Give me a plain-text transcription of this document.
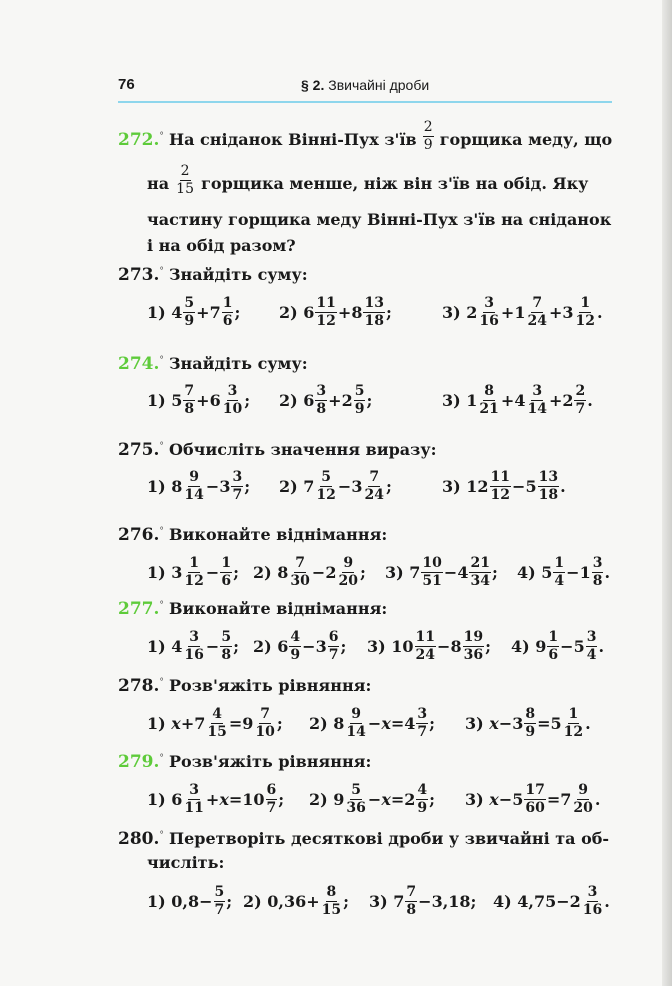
76	§ 2. Звичайні дроби
272.° На сніданок Вінні-Пух $з'їв \frac{2}{9}$ горщика меду, що
на $\frac{2}{15}$ горщика менше, ніж він з'їв на обід. Яку
частину горщика меду Вінні-Пух з'їв на сніданок
і на обід разом?
273.° Знайдіть суму:
1)
$4 \frac{5}{9} + 7 \frac{1}{6}$ ; 2)
$6 \frac{11}{12} + 8 \frac{13}{18}$ ;	3)
$2 \frac{3}{16} + 1 \frac{7}{24} + 3 \frac{1}{12}$ .
274.° Знайдіть суму:
1)
$5 \frac{7}{8} + 6 \frac{3}{10}$ ; 2)
$6 \frac{3}{8} + 2 \frac{5}{9}$ ;	3)
$1 \frac{8}{21} + 4 \frac{3}{14} + 2 \frac{2}{7}$ .
275.° Обчисліть значення виразу:
1)
$8 \frac{9}{14} - 3 \frac{3}{7}$ ; 2)
$7 \frac{5}{12} - 3 \frac{7}{24}$ ;	3)
$12 \frac{11}{12} - 5 \frac{13}{18}$ .
276.° Виконайте віднімання:
1)
$3 \frac{1}{12} - \frac{1}{6}$ ; 2)
$8 \frac{7}{30} - 2 \frac{9}{20}$ ; 3)
$7 \frac{10}{51} - 4 \frac{21}{34}$ ; 4)
$5 \frac{1}{4} - 1 \frac{3}{8}$ .
277.° Виконайте віднімання:
1)
$4 \frac{3}{16} - \frac{5}{8}$ ; 2)
$6 \frac{4}{9} - 3 \frac{6}{7}$ ; 3)
$10 \frac{11}{24} - 8 \frac{19}{36}$ ; 4)
$9 \frac{1}{6} - 5 \frac{3}{4}$ .
278.° Розв'яжіть рівняння:
1)
$x + 7 \frac{4}{15} = 9 \frac{7}{10}$ ; 2)
$8 \frac{9}{14} - x = 4 \frac{3}{7}$ ; 3)
$x - 3 \frac{8}{9} = 5 \frac{1}{12}$ .
279.° Розв'яжіть рівняння:
1)
$6 \frac{3}{11} + x = 10 \frac{6}{7}$ ; 2)
$9 \frac{5}{36} - x = 2 \frac{4}{9}$ ; 3)
$x - 5 \frac{17}{60} = 7 \frac{9}{20}$ .
280.° Перетворіть десяткові дроби у звичайні та об-
числіть:
1)
$0,8 - \frac{5}{7}$ ; 2)
$0,36 + \frac{8}{15}$ ; 3)
$7 \frac{7}{8} - 3,18$ ; 4)
$4,75 - 2 \frac{3}{16}$ .
